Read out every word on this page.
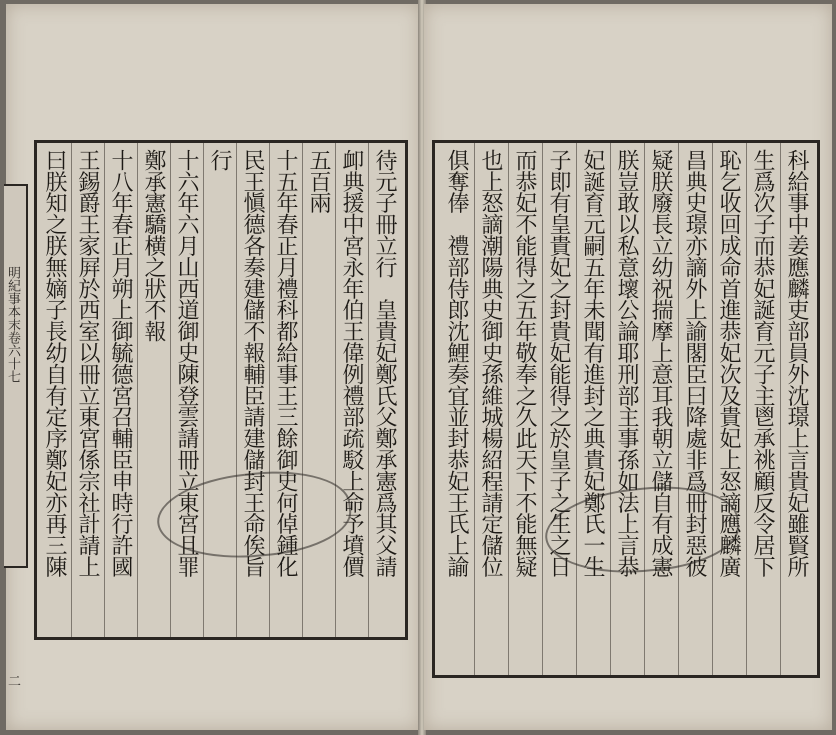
待元子冊立行　皇貴妃鄭氏父鄭承憲爲其父請
卹典援中宮永年伯王偉例禮部疏駁上命予墳價
五百兩
十五年春正月禮科都給事王三餘御史何倬鍾化
民王愼德各奏建儲不報輔臣請建儲封王命俟旨
行
十六年六月山西道御史陳登雲請冊立東宮且罪
鄭承憲驕横之狀不報
十八年春正月朔上御毓德宮召輔臣申時行許國
王錫爵王家屛於西室以冊立東宮係宗社計請上
曰朕知之朕無嫡子長幼自有定序鄭妃亦再三陳
明紀事本末卷六十七
二
科給事中姜應麟吏部員外沈璟上言貴妃雖賢所
生爲次子而恭妃誕育元子主鬯承祧顧反令居下
恥乞收回成命首進恭妃次及貴妃上怒謫應麟廣
昌典史璟亦謫外上諭閣臣曰降處非爲冊封惡彼
疑朕廢長立幼祝揣摩上意耳我朝立儲自有成憲
朕豈敢以私意壞公論耶刑部主事孫如法上言恭
妃誕育元嗣五年未聞有進封之典貴妃鄭氏一生
子即有皇貴妃之封貴妃能得之於皇子之生之日
而恭妃不能得之五年敬奉之久此天下不能無疑
也上怒謫潮陽典史御史孫維城楊紹程請定儲位
俱奪俸　禮部侍郎沈鯉奏宜並封恭妃王氏上諭
